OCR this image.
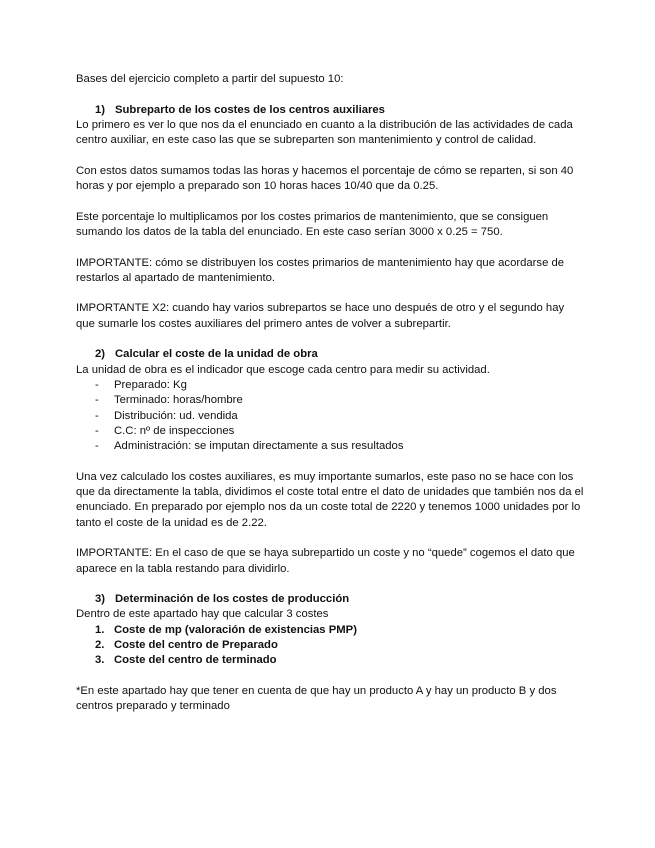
Bases del ejercicio completo a partir del supuesto 10:

1) Subreparto de los costes de los centros auxiliares

Lo primero es ver lo que nos da el enunciado en cuanto a la distribución de las actividades de cada centro auxiliar, en este caso las que se subreparten son mantenimiento y control de calidad.

Con estos datos sumamos todas las horas y hacemos el porcentaje de cómo se reparten, si son 40 horas y por ejemplo a preparado son 10 horas haces 10/40 que da 0.25.

Este porcentaje lo multiplicamos por los costes primarios de mantenimiento, que se consiguen sumando los datos de la tabla del enunciado. En este caso serían 3000 x 0.25 = 750.

IMPORTANTE: cómo se distribuyen los costes primarios de mantenimiento hay que acordarse de restarlos al apartado de mantenimiento.

IMPORTANTE X2: cuando hay varios subrepartos se hace uno después de otro y el segundo hay que sumarle los costes auxiliares del primero antes de volver a subrepartir.

2) Calcular el coste de la unidad de obra

La unidad de obra es el indicador que escoge cada centro para medir su actividad.

- Preparado: Kg
- Terminado: horas/hombre
- Distribución: ud. vendida
- C.C: nº de inspecciones
- Administración: se imputan directamente a sus resultados

Una vez calculado los costes auxiliares, es muy importante sumarlos, este paso no se hace con los que da directamente la tabla, dividimos el coste total entre el dato de unidades que también nos da el enunciado. En preparado por ejemplo nos da un coste total de 2220 y tenemos 1000 unidades por lo tanto el coste de la unidad es de 2.22.

IMPORTANTE: En el caso de que se haya subrepartido un coste y no “quede” cogemos el dato que aparece en la tabla restando para dividirlo.

3) Determinación de los costes de producción

Dentro de este apartado hay que calcular 3 costes

1. Coste de mp (valoración de existencias PMP)
2. Coste del centro de Preparado
3. Coste del centro de terminado

*En este apartado hay que tener en cuenta de que hay un producto A y hay un producto B y dos centros preparado y terminado
